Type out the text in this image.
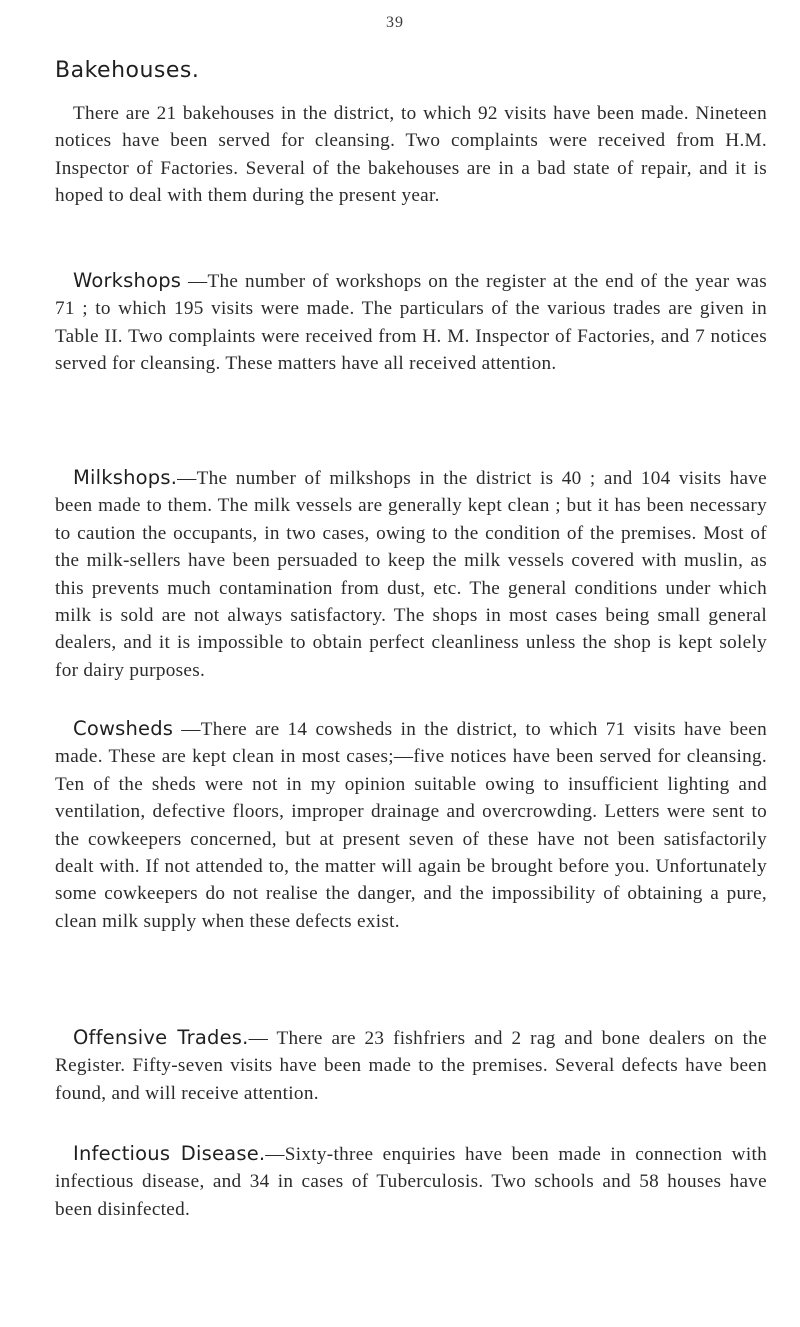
39
Bakehouses.

There are 21 bakehouses in the district, to which 92 visits have been made. Nineteen notices have been served for cleansing. Two complaints were received from H.M. Inspector of Factories. Several of the bakehouses are in a bad state of repair, and it is hoped to deal with them during the present year.

Workshops —The number of workshops on the register at the end of the year was 71 ; to which 195 visits were made. The particulars of the various trades are given in Table II. Two complaints were received from H. M. Inspector of Factories, and 7 notices served for cleansing. These matters have all received attention.

Milkshops.—The number of milkshops in the district is 40 ; and 104 visits have been made to them. The milk vessels are generally kept clean ; but it has been necessary to caution the occupants, in two cases, owing to the condition of the premises. Most of the milk-sellers have been persuaded to keep the milk vessels covered with muslin, as this prevents much contamination from dust, etc. The general conditions under which milk is sold are not always satisfactory. The shops in most cases being small general dealers, and it is impossible to obtain perfect cleanliness unless the shop is kept solely for dairy purposes.

Cowsheds —There are 14 cowsheds in the district, to which 71 visits have been made. These are kept clean in most cases;—five notices have been served for cleansing. Ten of the sheds were not in my opinion suitable owing to insufficient lighting and ventilation, defective floors, improper drainage and overcrowding. Letters were sent to the cowkeepers concerned, but at present seven of these have not been satisfactorily dealt with. If not attended to, the matter will again be brought before you. Unfortunately some cowkeepers do not realise the danger, and the impossibility of obtaining a pure, clean milk supply when these defects exist.

Offensive Trades.— There are 23 fishfriers and 2 rag and bone dealers on the Register. Fifty-seven visits have been made to the premises. Several defects have been found, and will receive attention.

Infectious Disease.—Sixty-three enquiries have been made in connection with infectious disease, and 34 in cases of Tuberculosis. Two schools and 58 houses have been disinfected.
